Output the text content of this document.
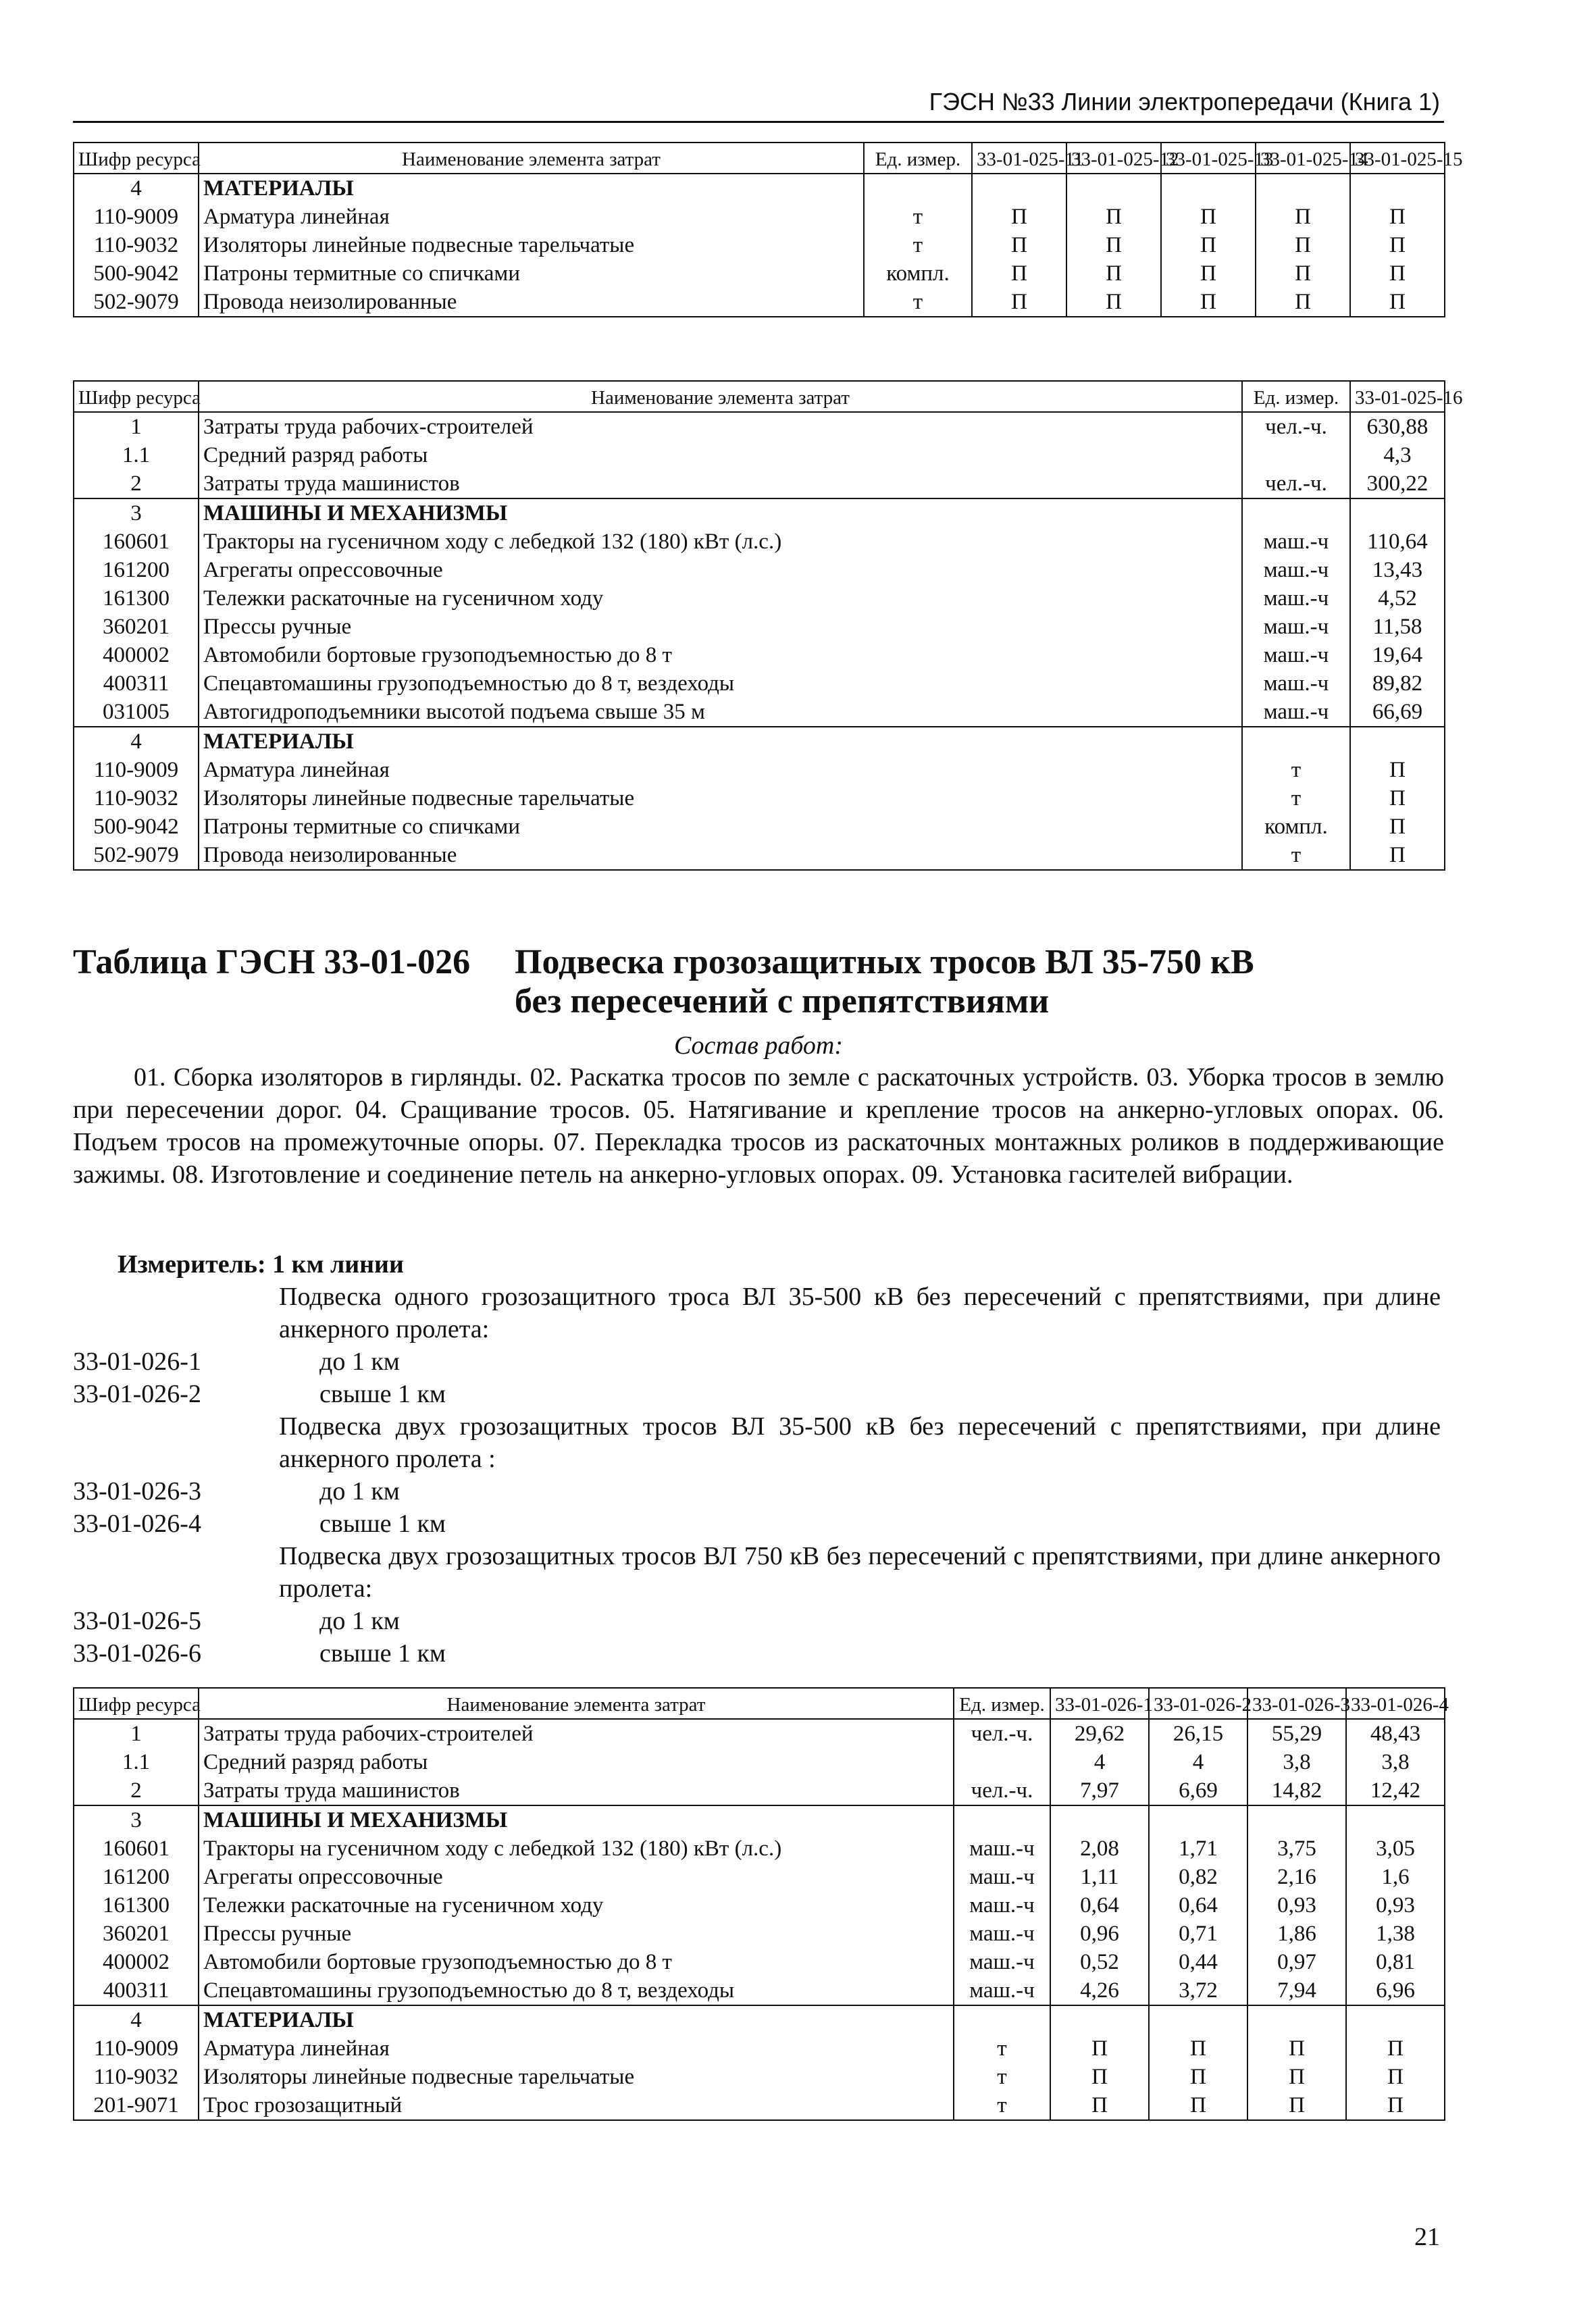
ГЭСН №33 Линии электропередачи (Книга 1)
Шифр ресурса	Наименование элемента затрат	Ед. измер.	33-01-025-11	33-01-025-12	33-01-025-13	33-01-025-14	33-01-025-15
4	МАТЕРИАЛЫ						
110-9009	Арматура линейная	т	П	П	П	П	П
110-9032	Изоляторы линейные подвесные тарельчатые	т	П	П	П	П	П
500-9042	Патроны термитные со спичками	компл.	П	П	П	П	П
502-9079	Провода неизолированные	т	П	П	П	П	П
Шифр ресурса	Наименование элемента затрат	Ед. измер.	33-01-025-16
1	Затраты труда рабочих-строителей	чел.-ч.	630,88
1.1	Средний разряд работы		4,3
2	Затраты труда машинистов	чел.-ч.	300,22
3	МАШИНЫ И МЕХАНИЗМЫ		
160601	Тракторы на гусеничном ходу с лебедкой 132 (180) кВт (л.с.)	маш.-ч	110,64
161200	Агрегаты опрессовочные	маш.-ч	13,43
161300	Тележки раскаточные на гусеничном ходу	маш.-ч	4,52
360201	Прессы ручные	маш.-ч	11,58
400002	Автомобили бортовые грузоподъемностью до 8 т	маш.-ч	19,64
400311	Спецавтомашины грузоподъемностью до 8 т, вездеходы	маш.-ч	89,82
031005	Автогидроподъемники высотой подъема свыше 35 м	маш.-ч	66,69
4	МАТЕРИАЛЫ		
110-9009	Арматура линейная	т	П
110-9032	Изоляторы линейные подвесные тарельчатые	т	П
500-9042	Патроны термитные со спичками	компл.	П
502-9079	Провода неизолированные	т	П
Таблица ГЭСН 33-01-026 Подвеска грозозащитных тросов ВЛ 35-750 кВ
без пересечений с препятствиями
Состав работ:
01. Сборка изоляторов в гирлянды. 02. Раскатка тросов по земле с раскаточных устройств. 03. Уборка тросов в землю при пересечении дорог. 04. Сращивание тросов. 05. Натягивание и крепление тросов на анкерно-угловых опорах. 06. Подъем тросов на промежуточные опоры. 07. Перекладка тросов из раскаточных монтажных роликов в поддерживающие зажимы. 08. Изготовление и соединение петель на анкерно-угловых опорах. 09. Установка гасителей вибрации.
Измеритель: 1 км линии
Подвеска одного грозозащитного троса ВЛ 35-500 кВ без пересечений с препятствиями, при длине анкерного пролета:
33-01-026-1	до 1 км
33-01-026-2	свыше 1 км
Подвеска двух грозозащитных тросов ВЛ 35-500 кВ без пересечений с препятствиями, при длине анкерного пролета :
33-01-026-3	до 1 км
33-01-026-4	свыше 1 км
Подвеска двух грозозащитных тросов ВЛ 750 кВ без пересечений с препятствиями, при длине анкерного пролета:
33-01-026-5	до 1 км
33-01-026-6	свыше 1 км
Шифр ресурса	Наименование элемента затрат	Ед. измер.	33-01-026-1	33-01-026-2	33-01-026-3	33-01-026-4
1	Затраты труда рабочих-строителей	чел.-ч.	29,62	26,15	55,29	48,43
1.1	Средний разряд работы		4	4	3,8	3,8
2	Затраты труда машинистов	чел.-ч.	7,97	6,69	14,82	12,42
3	МАШИНЫ И МЕХАНИЗМЫ					
160601	Тракторы на гусеничном ходу с лебедкой 132 (180) кВт (л.с.)	маш.-ч	2,08	1,71	3,75	3,05
161200	Агрегаты опрессовочные	маш.-ч	1,11	0,82	2,16	1,6
161300	Тележки раскаточные на гусеничном ходу	маш.-ч	0,64	0,64	0,93	0,93
360201	Прессы ручные	маш.-ч	0,96	0,71	1,86	1,38
400002	Автомобили бортовые грузоподъемностью до 8 т	маш.-ч	0,52	0,44	0,97	0,81
400311	Спецавтомашины грузоподъемностью до 8 т, вездеходы	маш.-ч	4,26	3,72	7,94	6,96
4	МАТЕРИАЛЫ					
110-9009	Арматура линейная	т	П	П	П	П
110-9032	Изоляторы линейные подвесные тарельчатые	т	П	П	П	П
201-9071	Трос грозозащитный	т	П	П	П	П
21
